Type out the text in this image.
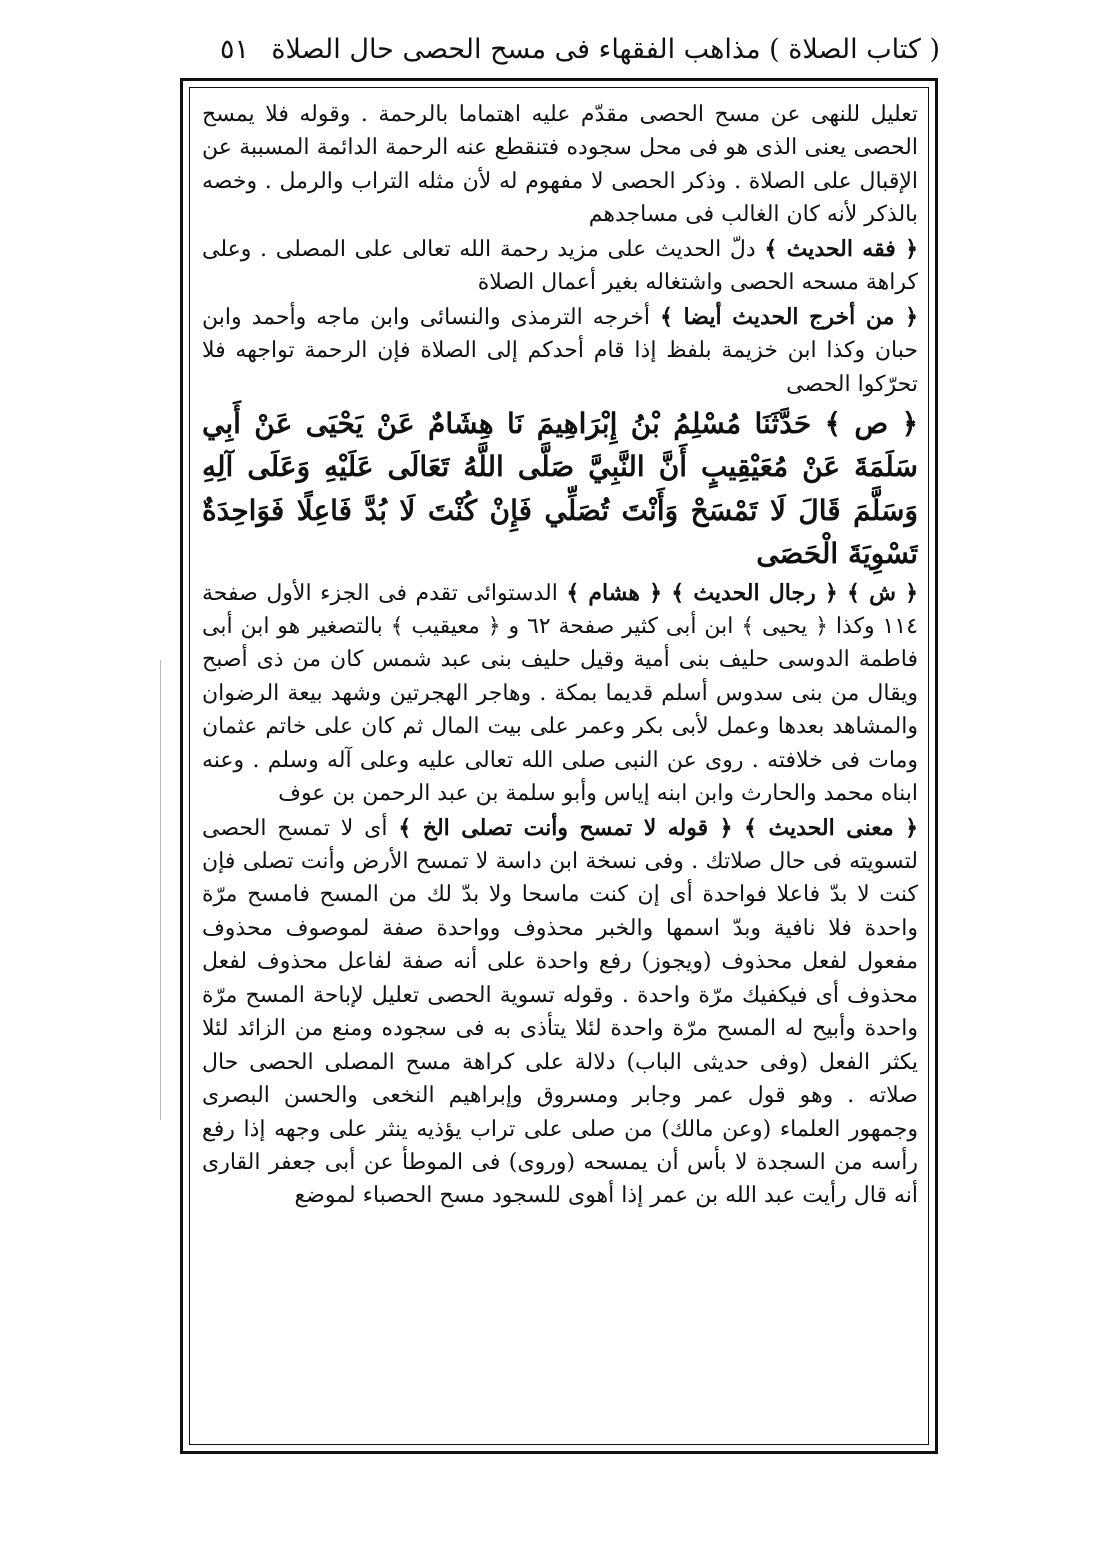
( كتاب الصلاة ) مذاهب الفقهاء فى مسح الحصى حال الصلاة
٥١

تعليل للنهى عن مسح الحصى مقدّم عليه اهتماما بالرحمة . وقوله فلا يمسح الحصى يعنى الذى هو فى محل سجوده فتنقطع عنه الرحمة الدائمة المسببة عن الإقبال على الصلاة . وذكر الحصى لا مفهوم له لأن مثله التراب والرمل . وخصه بالذكر لأنه كان الغالب فى مساجدهم

﴿ فقه الحديث ﴾ دلّ الحديث على مزيد رحمة الله تعالى على المصلى . وعلى كراهة مسحه الحصى واشتغاله بغير أعمال الصلاة

﴿ من أخرج الحديث أيضا ﴾ أخرجه الترمذى والنسائى وابن ماجه وأحمد وابن حبان وكذا ابن خزيمة بلفظ إذا قام أحدكم إلى الصلاة فإن الرحمة تواجهه فلا تحرّكوا الحصى

﴿ ص ﴾ حَدَّثَنَا مُسْلِمُ بْنُ إِبْرَاهِيمَ نَا هِشَامٌ عَنْ يَحْيَى عَنْ أَبِي سَلَمَةَ عَنْ مُعَيْقِيبٍ أَنَّ النَّبِيَّ صَلَّى اللَّهُ تَعَالَى عَلَيْهِ وَعَلَى آلِهِ وَسَلَّمَ قَالَ لَا تَمْسَحْ وَأَنْتَ تُصَلِّي فَإِنْ كُنْتَ لَا بُدَّ فَاعِلًا فَوَاحِدَةٌ تَسْوِيَةَ الْحَصَى

﴿ ش ﴾ ﴿ رجال الحديث ﴾ ﴿ هشام ﴾ الدستوائى تقدم فى الجزء الأول صفحة ١١٤ وكذا ﴿ يحيى ﴾ ابن أبى كثير صفحة ٦٢ و ﴿ معيقيب ﴾ بالتصغير هو ابن أبى فاطمة الدوسى حليف بنى أمية وقيل حليف بنى عبد شمس كان من ذى أصبح ويقال من بنى سدوس أسلم قديما بمكة . وهاجر الهجرتين وشهد بيعة الرضوان والمشاهد بعدها وعمل لأبى بكر وعمر على بيت المال ثم كان على خاتم عثمان ومات فى خلافته . روى عن النبى صلى الله تعالى عليه وعلى آله وسلم . وعنه ابناه محمد والحارث وابن ابنه إياس وأبو سلمة بن عبد الرحمن بن عوف

﴿ معنى الحديث ﴾ ﴿ قوله لا تمسح وأنت تصلى الخ ﴾ أى لا تمسح الحصى لتسويته فى حال صلاتك . وفى نسخة ابن داسة لا تمسح الأرض وأنت تصلى فإن كنت لا بدّ فاعلا فواحدة أى إن كنت ماسحا ولا بدّ لك من المسح فامسح مرّة واحدة فلا نافية وبدّ اسمها والخبر محذوف وواحدة صفة لموصوف محذوف مفعول لفعل محذوف (ويجوز) رفع واحدة على أنه صفة لفاعل محذوف لفعل محذوف أى فيكفيك مرّة واحدة . وقوله تسوية الحصى تعليل لإباحة المسح مرّة واحدة وأبيح له المسح مرّة واحدة لئلا يتأذى به فى سجوده ومنع من الزائد لئلا يكثر الفعل (وفى حديثى الباب) دلالة على كراهة مسح المصلى الحصى حال صلاته . وهو قول عمر وجابر ومسروق وإبراهيم النخعى والحسن البصرى وجمهور العلماء (وعن مالك) من صلى على تراب يؤذيه ينثر على وجهه إذا رفع رأسه من السجدة لا بأس أن يمسحه (وروى) فى الموطأ عن أبى جعفر القارى أنه قال رأيت عبد الله بن عمر إذا أهوى للسجود مسح الحصباء لموضع
